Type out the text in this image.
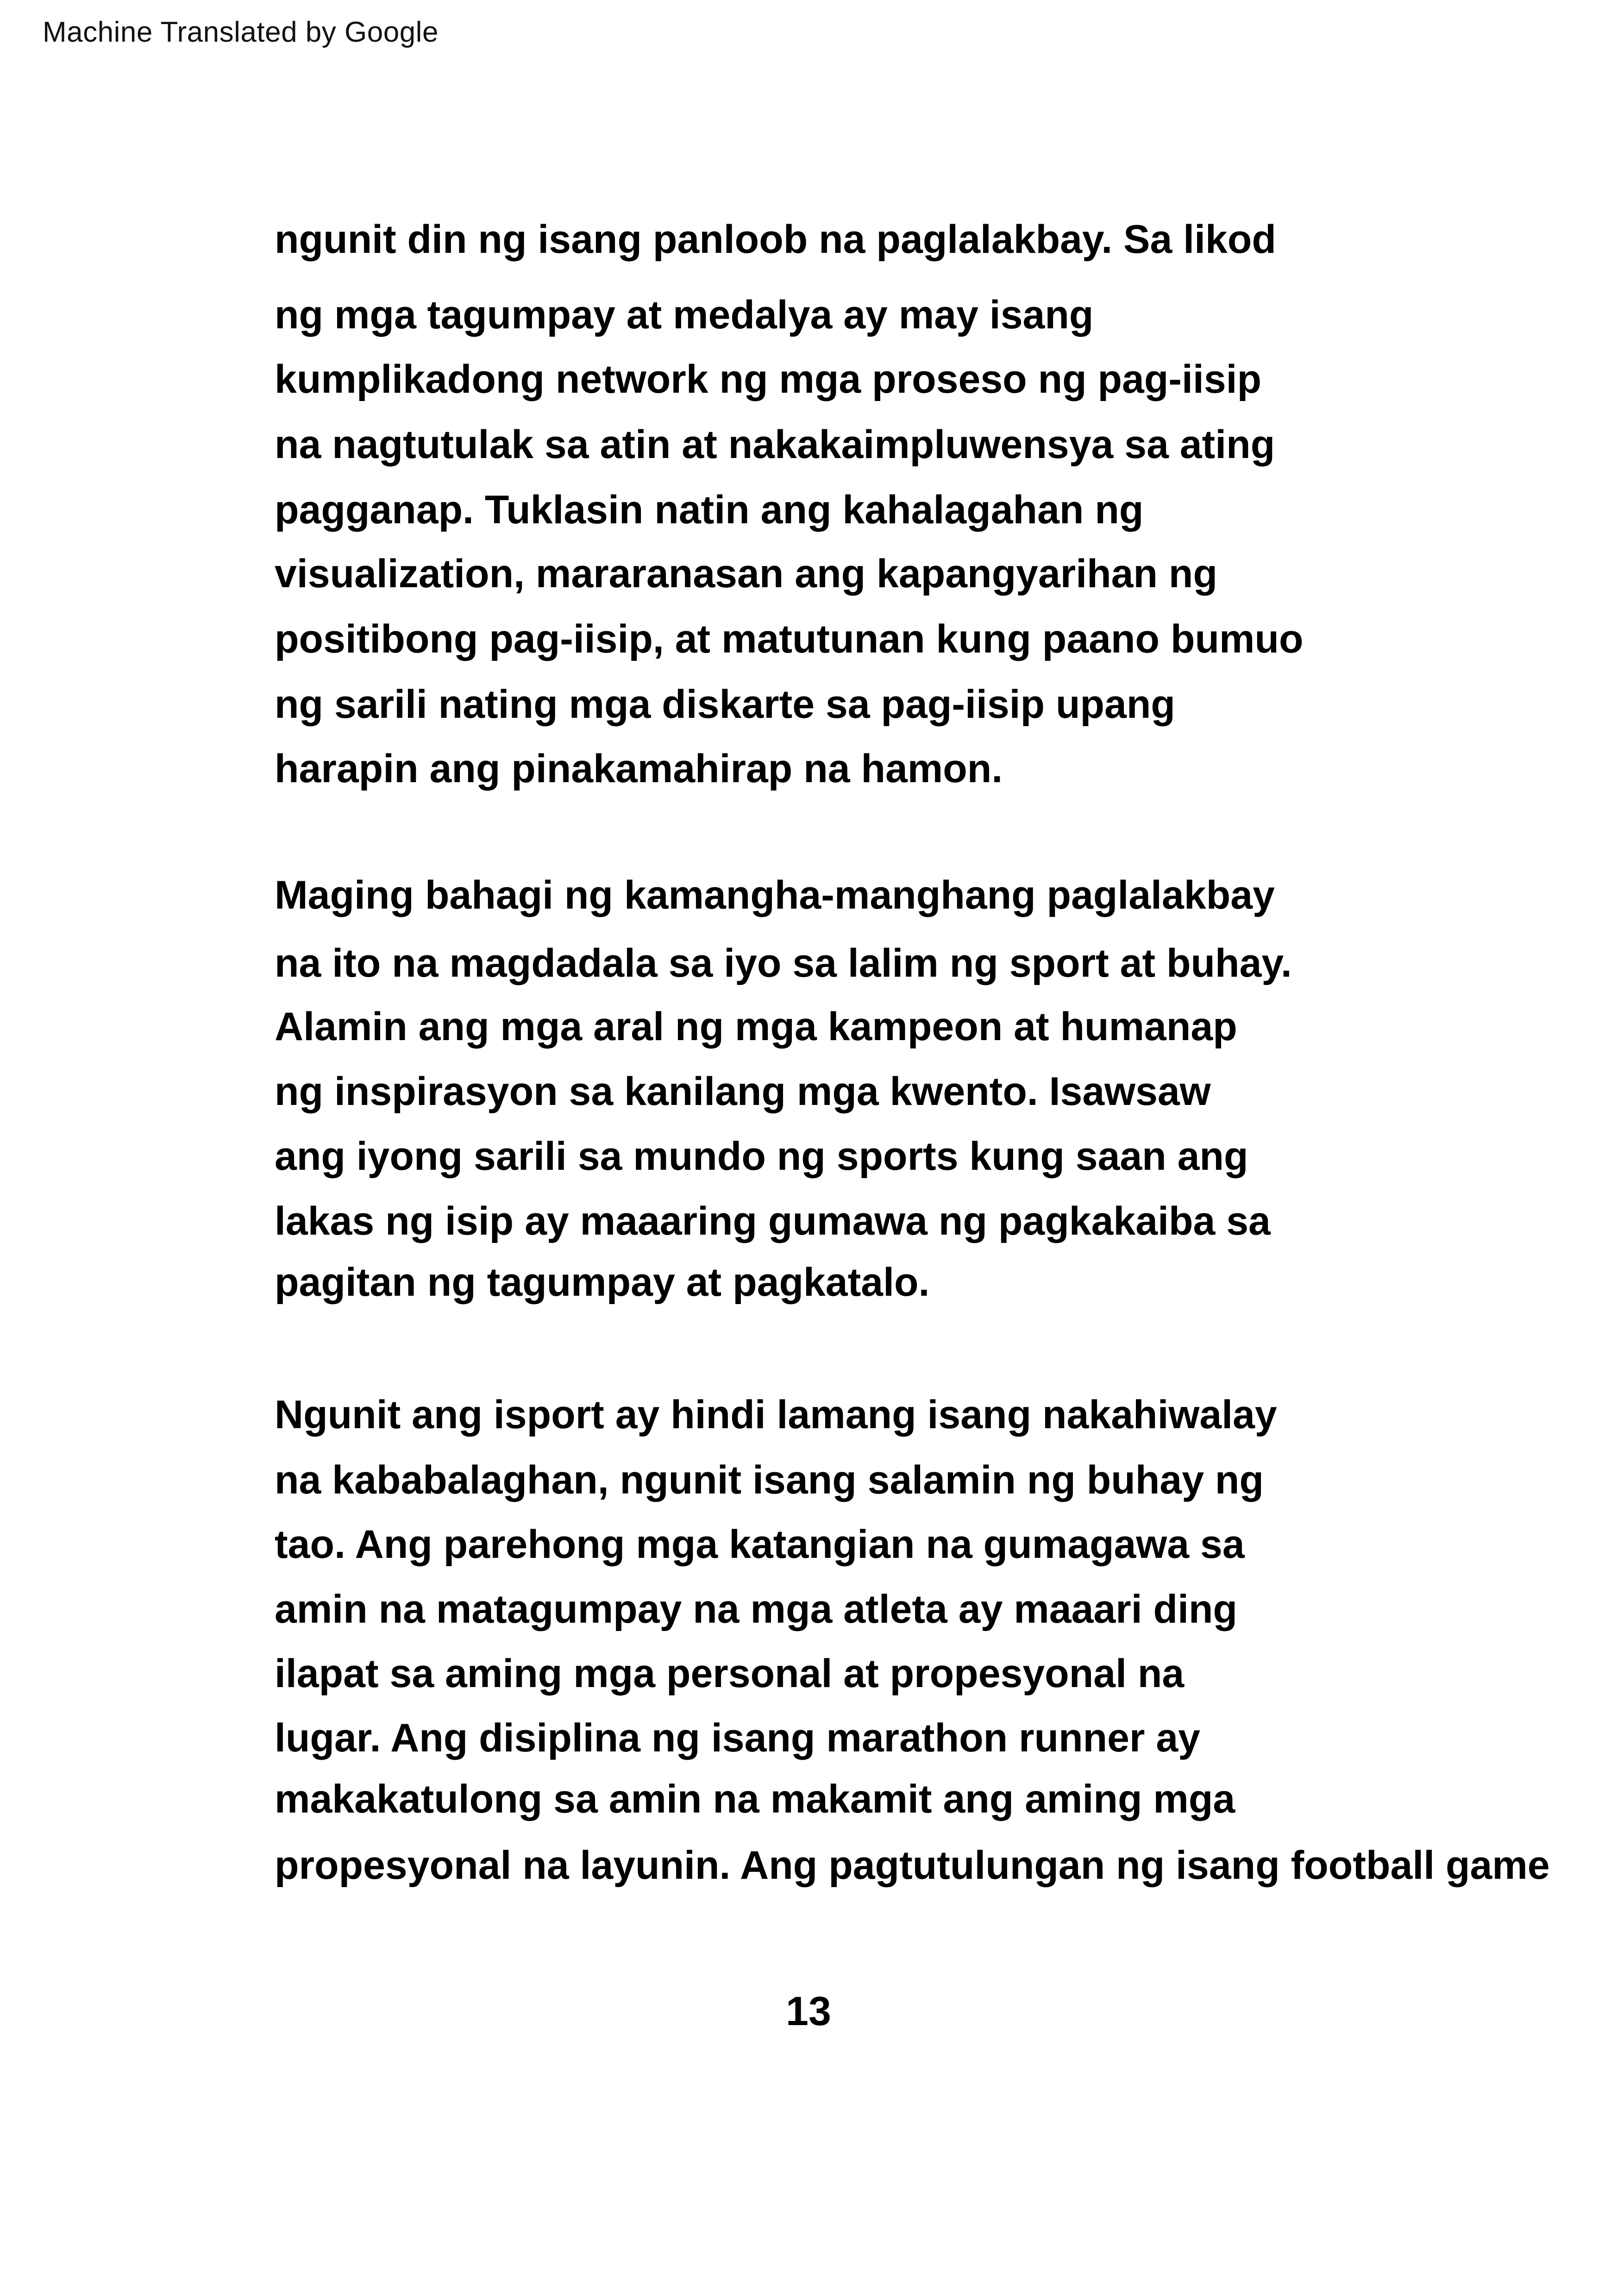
Machine Translated by Google
ngunit din ng isang panloob na paglalakbay. Sa likod
ng mga tagumpay at medalya ay may isang
kumplikadong network ng mga proseso ng pag-iisip
na nagtutulak sa atin at nakakaimpluwensya sa ating
pagganap. Tuklasin natin ang kahalagahan ng
visualization, mararanasan ang kapangyarihan ng
positibong pag-iisip, at matutunan kung paano bumuo
ng sarili nating mga diskarte sa pag-iisip upang
harapin ang pinakamahirap na hamon.
Maging bahagi ng kamangha-manghang paglalakbay
na ito na magdadala sa iyo sa lalim ng sport at buhay.
Alamin ang mga aral ng mga kampeon at humanap
ng inspirasyon sa kanilang mga kwento. Isawsaw
ang iyong sarili sa mundo ng sports kung saan ang
lakas ng isip ay maaaring gumawa ng pagkakaiba sa
pagitan ng tagumpay at pagkatalo.
Ngunit ang isport ay hindi lamang isang nakahiwalay
na kababalaghan, ngunit isang salamin ng buhay ng
tao. Ang parehong mga katangian na gumagawa sa
amin na matagumpay na mga atleta ay maaari ding
ilapat sa aming mga personal at propesyonal na
lugar. Ang disiplina ng isang marathon runner ay
makakatulong sa amin na makamit ang aming mga
propesyonal na layunin. Ang pagtutulungan ng isang football game
13
